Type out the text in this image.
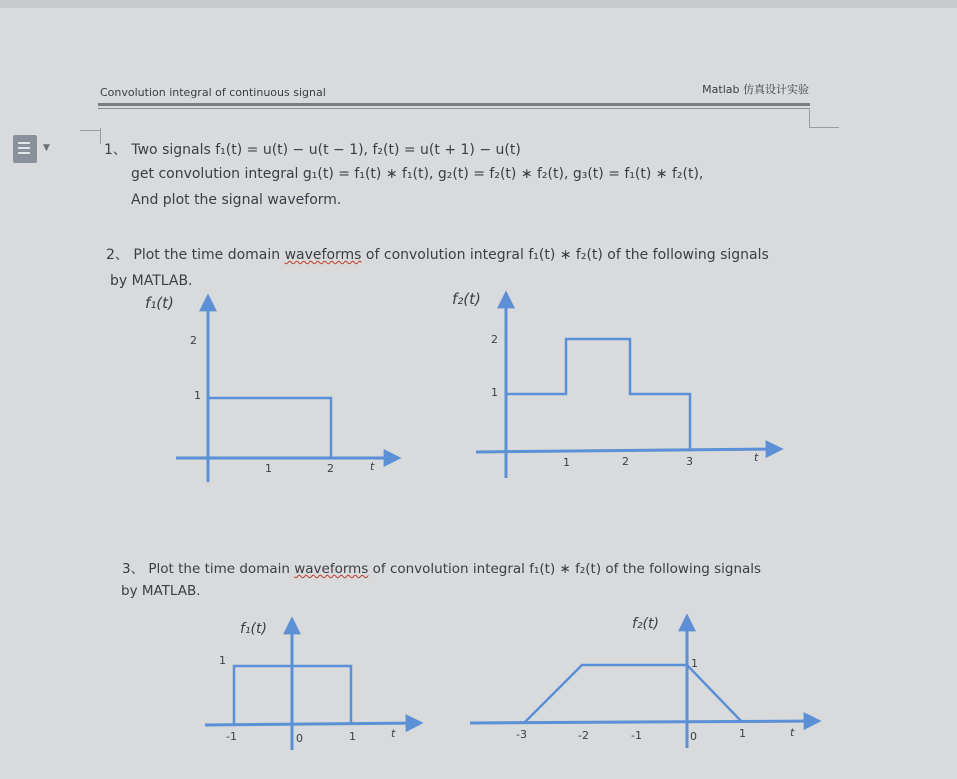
▼
Convolution integral of continuous signal	Matlab 仿真设计实验
1、 Two signals f₁(t) = u(t) − u(t − 1), f₂(t) = u(t + 1) − u(t)
get convolution integral g₁(t) = f₁(t) ∗ f₁(t), g₂(t) = f₂(t) ∗ f₂(t), g₃(t) = f₁(t) ∗ f₂(t),
And plot the signal waveform.
2、 Plot the time domain waveforms of convolution integral f₁(t) ∗ f₂(t) of the following signals
by MATLAB.
3、 Plot the time domain waveforms of convolution integral f₁(t) ∗ f₂(t) of the following signals
by MATLAB.
f₁(t)
2
1
1	2	t
f₂(t)
2
1
1	2	3	t
f₁(t)
1
-1	0	1	t
f₂(t)
1
-3	-2	-1	0	1	t
